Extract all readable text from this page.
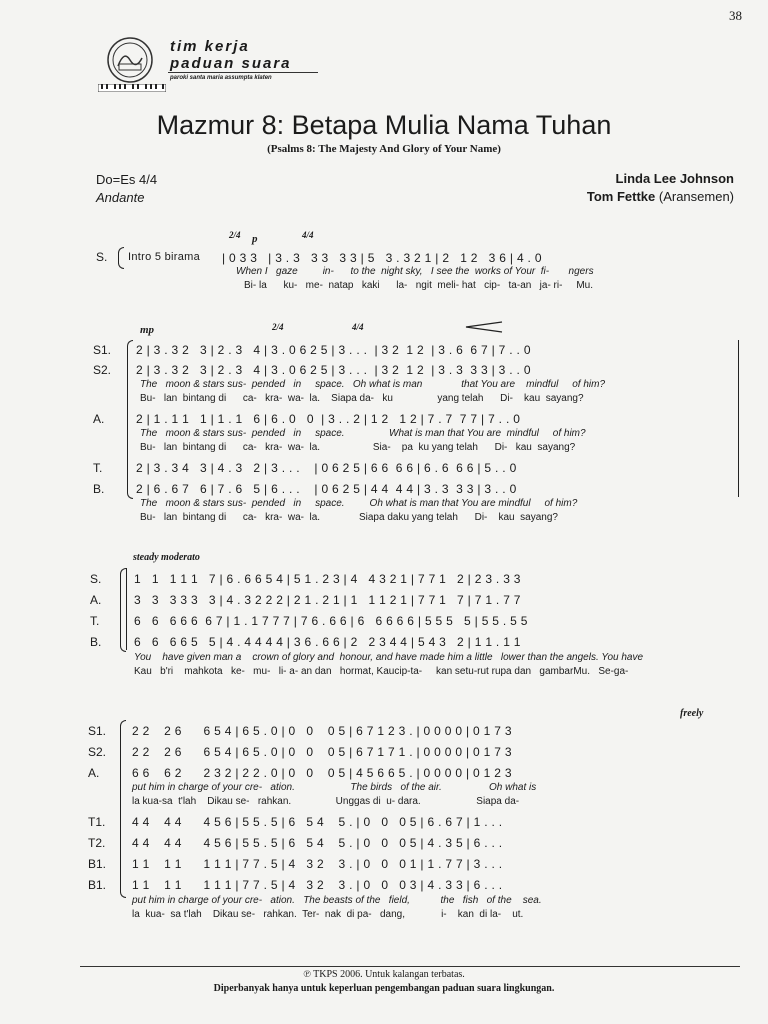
38
tim kerja
paduan suara
paroki santa maria assumpta klaten
Mazmur 8: Betapa Mulia Nama Tuhan
(Psalms 8: The Majesty And Glory of Your Name)
Do=Es 4/4
Andante
Linda Lee Johnson
Tom Fettke (Aransemen)
2/4 p	4/4
S. Intro 5 birama | 0 3 3   | 3 . 3   3 3   3 3 | 5   3 . 3 2 1 | 2   1 2   3 6 | 4 . 0
When I   gaze         in-      to the  night sky,   I see the  works of Your  fi-       ngers
Bi- la      ku-   me-  natap   kaki      la-   ngit  meli- hat   cip-   ta-an   ja- ri-     Mu.
mp	2/4	4/4
S1. 2 | 3 . 3 2   3 | 2 . 3   4 | 3 . 0 6 2 5 | 3 . . .  | 3 2  1 2  | 3 . 6  6 7 | 7 . . 0
S2. 2 | 3 . 3 2   3 | 2 . 3   4 | 3 . 0 6 2 5 | 3 . . .  | 3 2  1 2  | 3 . 3  3 3 | 3 . . 0
The   moon & stars sus-  pended   in     space.   Oh what is man              that You are    mindful     of him?
Bu-   lan  bintang di      ca-   kra-  wa-  la.    Siapa da-   ku                yang telah      Di-    kau  sayang?
A.	2 | 1 . 1 1   1 | 1 . 1   6 | 6 . 0   0  | 3 . . 2 | 1 2   1 2 | 7 . 7  7 7 | 7 . . 0
The   moon & stars sus-  pended   in     space.                What is man that You are  mindful     of him?
Bu-   lan  bintang di      ca-   kra-  wa-  la.                   Sia-    pa  ku yang telah      Di-   kau  sayang?
T.	2 | 3 . 3 4   3 | 4 . 3   2 | 3 . . .    | 0 6 2 5 | 6 6  6 6 | 6 . 6  6 6 | 5 . . 0
B.	2 | 6 . 6 7   6 | 7 . 6   5 | 6 . . .    | 0 6 2 5 | 4 4  4 4 | 3 . 3  3 3 | 3 . . 0
The   moon & stars sus-  pended   in     space.         Oh what is man that You are mindful     of him?
Bu-   lan  bintang di      ca-   kra-  wa-  la.              Siapa daku yang telah      Di-    kau  sayang?
steady moderato
S.	1   1   1 1 1   7 | 6 . 6 6 5 4 | 5 1 . 2 3 | 4   4 3 2 1 | 7 7 1   2 | 2 3 . 3 3
A.	3   3   3 3 3   3 | 4 . 3 2 2 2 | 2 1 . 2 1 | 1   1 1 2 1 | 7 7 1   7 | 7 1 . 7 7
T.	6   6   6 6 6  6 7 | 1 . 1 7 7 7 | 7 6 . 6 6 | 6   6 6 6 6 | 5 5 5   5 | 5 5 . 5 5
B.	6   6   6 6 5   5 | 4 . 4 4 4 4 | 3 6 . 6 6 | 2   2 3 4 4 | 5 4 3   2 | 1 1 . 1 1
You    have given man a    crown of glory and  honour, and have made him a little   lower than the angels. You have
Kau   b'ri    mahkota   ke-   mu-   li- a- an dan   hormat, Kaucip-ta-     kan setu-rut rupa dan   gambarMu.   Se-ga-
freely
S1. 2 2    2 6      6 5 4 | 6 5 . 0 | 0   0    0 5 | 6 7 1 2 3 . | 0 0 0 0 | 0 1 7 3
S2. 2 2    2 6      6 5 4 | 6 5 . 0 | 0   0    0 5 | 6 7 1 7 1 . | 0 0 0 0 | 0 1 7 3
A.	6 6    6 2      2 3 2 | 2 2 . 0 | 0   0    0 5 | 4 5 6 6 5 . | 0 0 0 0 | 0 1 2 3
put him in charge of your cre-   ation.                    The birds   of the air.                 Oh what is
la kua-sa  t'lah    Dikau se-   rahkan.                Unggas di  u- dara.                    Siapa da-
T1. 4 4    4 4      4 5 6 | 5 5 . 5 | 6   5 4    5 . | 0   0   0 5 | 6 . 6 7 | 1 . . .
T2. 4 4    4 4      4 5 6 | 5 5 . 5 | 6   5 4    5 . | 0   0   0 5 | 4 . 3 5 | 6 . . .
B1. 1 1    1 1      1 1 1 | 7 7 . 5 | 4   3 2    3 . | 0   0   0 1 | 1 . 7 7 | 3 . . .
B1. 1 1    1 1      1 1 1 | 7 7 . 5 | 4   3 2    3 . | 0   0   0 3 | 4 . 3 3 | 6 . . .
put him in charge of your cre-   ation.   The beasts of the   field,           the   fish   of the    sea.
la  kua-  sa t'lah    Dikau se-   rahkan.  Ter-  nak  di pa-   dang,             i-    kan  di la-    ut.
℗ TKPS 2006. Untuk kalangan terbatas.
Diperbanyak hanya untuk keperluan pengembangan paduan suara lingkungan.
